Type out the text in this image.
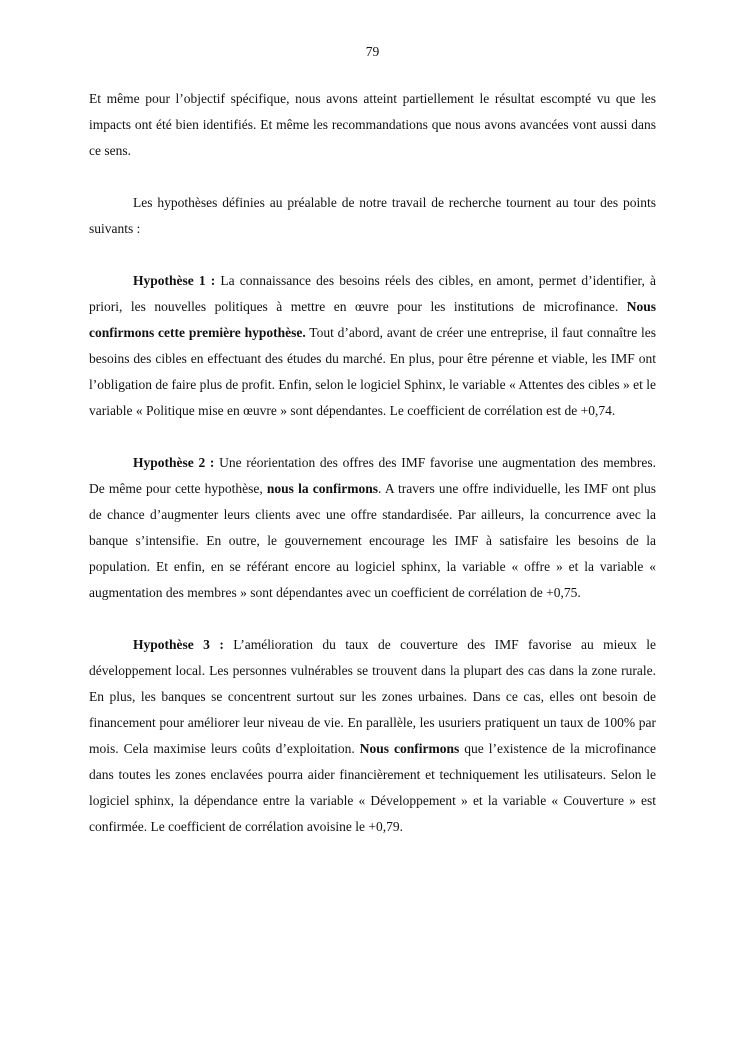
79

Et même pour l’objectif spécifique, nous avons atteint partiellement le résultat escompté vu que les impacts ont été bien identifiés. Et même les recommandations que nous avons avancées vont aussi dans ce sens.

Les hypothèses définies au préalable de notre travail de recherche tournent au tour des points suivants :

Hypothèse 1 : La connaissance des besoins réels des cibles, en amont, permet d’identifier, à priori, les nouvelles politiques à mettre en œuvre pour les institutions de microfinance. Nous confirmons cette première hypothèse. Tout d’abord, avant de créer une entreprise, il faut connaître les besoins des cibles en effectuant des études du marché. En plus, pour être pérenne et viable, les IMF ont l’obligation de faire plus de profit. Enfin, selon le logiciel Sphinx, le variable « Attentes des cibles » et le variable « Politique mise en œuvre » sont dépendantes. Le coefficient de corrélation est de +0,74.

Hypothèse 2 : Une réorientation des offres des IMF favorise une augmentation des membres. De même pour cette hypothèse, nous la confirmons. A travers une offre individuelle, les IMF ont plus de chance d’augmenter leurs clients avec une offre standardisée. Par ailleurs, la concurrence avec la banque s’intensifie. En outre, le gouvernement encourage les IMF à satisfaire les besoins de la population. Et enfin, en se référant encore au logiciel sphinx, la variable « offre » et la variable « augmentation des membres » sont dépendantes avec un coefficient de corrélation de +0,75.

Hypothèse 3 : L’amélioration du taux de couverture des IMF favorise au mieux le développement local. Les personnes vulnérables se trouvent dans la plupart des cas dans la zone rurale. En plus, les banques se concentrent surtout sur les zones urbaines. Dans ce cas, elles ont besoin de financement pour améliorer leur niveau de vie. En parallèle, les usuriers pratiquent un taux de 100% par mois. Cela maximise leurs coûts d’exploitation. Nous confirmons que l’existence de la microfinance dans toutes les zones enclavées pourra aider financièrement et techniquement les utilisateurs. Selon le logiciel sphinx, la dépendance entre la variable « Développement » et la variable « Couverture » est confirmée. Le coefficient de corrélation avoisine le +0,79.
